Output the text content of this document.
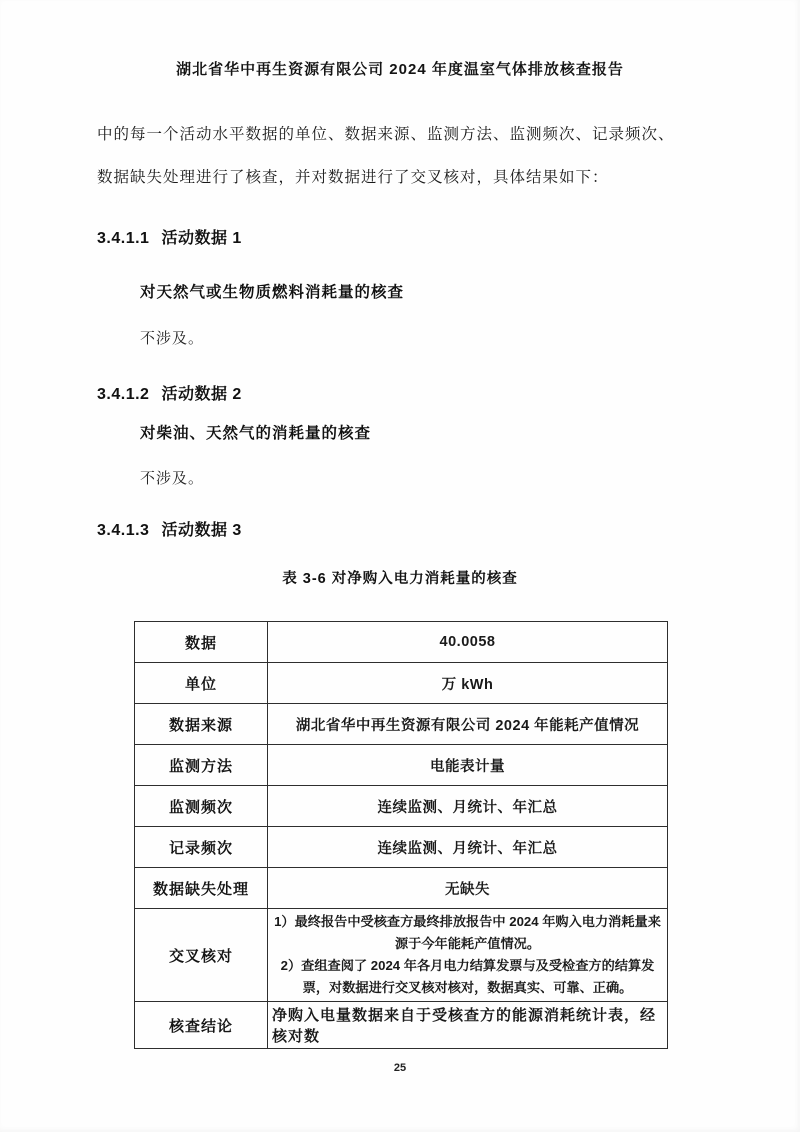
湖北省华中再生资源有限公司 2024 年度温室气体排放核查报告
中的每一个活动水平数据的单位、数据来源、监测方法、监测频次、记录频次、
数据缺失处理进行了核查，并对数据进行了交叉核对，具体结果如下：
3.4.1.1 活动数据 1
对天然气或生物质燃料消耗量的核查
不涉及。
3.4.1.2 活动数据 2
对柴油、天然气的消耗量的核查
不涉及。
3.4.1.3 活动数据 3
表 3-6 对净购入电力消耗量的核查
数据	40.0058
单位	万 kWh
数据来源	湖北省华中再生资源有限公司 2024 年能耗产值情况
监测方法	电能表计量
监测频次	连续监测、月统计、年汇总
记录频次	连续监测、月统计、年汇总
数据缺失处理	无缺失
交叉核对	1）最终报告中受核查方最终排放报告中 2024 年购入电力消耗量来源于今年能耗产值情况。
2）查组查阅了 2024 年各月电力结算发票与及受检查方的结算发票，对数据进行交叉核对核对，数据真实、可靠、正确。

核查结论	净购入电量数据来自于受核查方的能源消耗统计表，经核对数
25
